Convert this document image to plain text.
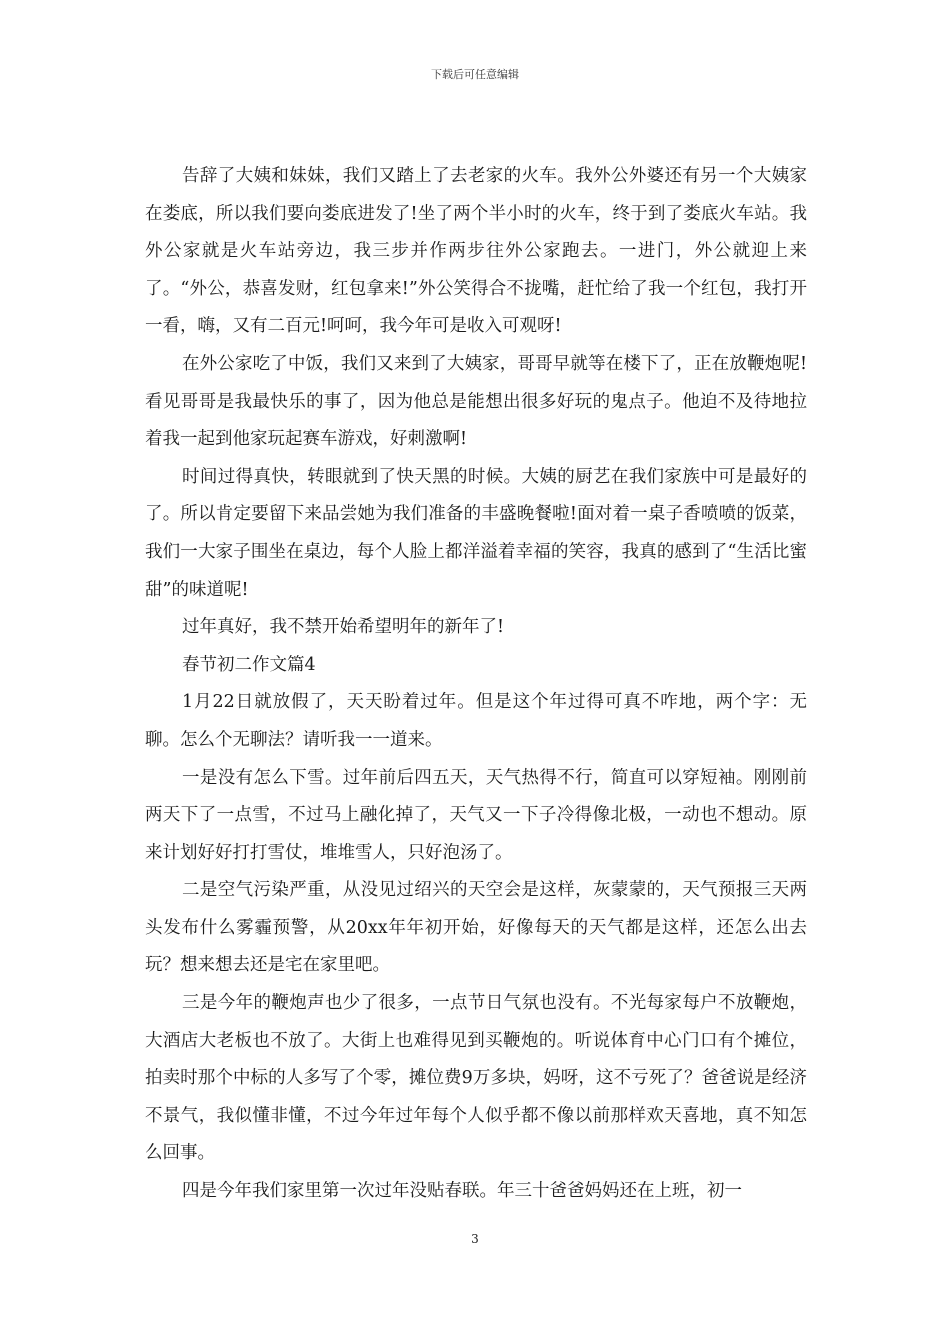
下载后可任意编辑

告辞了大姨和妹妹，我们又踏上了去老家的火车。我外公外婆还有另一个大姨家在娄底，所以我们要向娄底进发了!坐了两个半小时的火车，终于到了娄底火车站。我外公家就是火车站旁边，我三步并作两步往外公家跑去。一进门，外公就迎上来了。“外公，恭喜发财，红包拿来!”外公笑得合不拢嘴，赶忙给了我一个红包，我打开一看，嗨，又有二百元!呵呵，我今年可是收入可观呀!

在外公家吃了中饭，我们又来到了大姨家，哥哥早就等在楼下了，正在放鞭炮呢!看见哥哥是我最快乐的事了，因为他总是能想出很多好玩的鬼点子。他迫不及待地拉着我一起到他家玩起赛车游戏，好刺激啊!

时间过得真快，转眼就到了快天黑的时候。大姨的厨艺在我们家族中可是最好的了。所以肯定要留下来品尝她为我们准备的丰盛晚餐啦!面对着一桌子香喷喷的饭菜，我们一大家子围坐在桌边，每个人脸上都洋溢着幸福的笑容，我真的感到了“生活比蜜甜”的味道呢!

过年真好，我不禁开始希望明年的新年了!

春节初二作文篇4

1月22日就放假了，天天盼着过年。但是这个年过得可真不咋地，两个字：无聊。怎么个无聊法？请听我一一道来。

一是没有怎么下雪。过年前后四五天，天气热得不行，简直可以穿短袖。刚刚前两天下了一点雪，不过马上融化掉了，天气又一下子冷得像北极，一动也不想动。原来计划好好打打雪仗，堆堆雪人，只好泡汤了。

二是空气污染严重，从没见过绍兴的天空会是这样，灰蒙蒙的，天气预报三天两头发布什么雾霾预警，从20xx年年初开始，好像每天的天气都是这样，还怎么出去玩？想来想去还是宅在家里吧。

三是今年的鞭炮声也少了很多，一点节日气氛也没有。不光每家每户不放鞭炮，大酒店大老板也不放了。大街上也难得见到买鞭炮的。听说体育中心门口有个摊位，拍卖时那个中标的人多写了个零，摊位费9万多块，妈呀，这不亏死了？爸爸说是经济不景气，我似懂非懂，不过今年过年每个人似乎都不像以前那样欢天喜地，真不知怎么回事。

四是今年我们家里第一次过年没贴春联。年三十爸爸妈妈还在上班，初一

3
